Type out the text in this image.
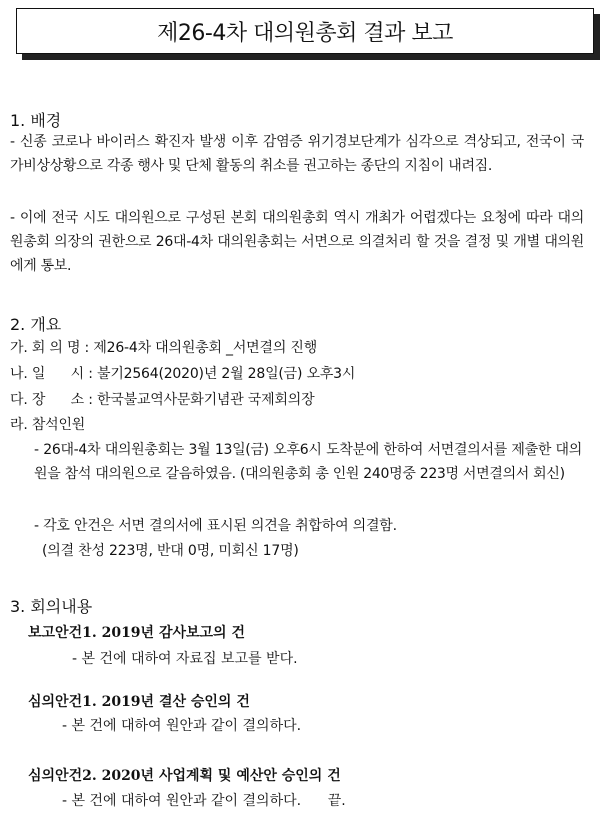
제26-4차 대의원총회 결과 보고
1. 배경
- 신종 코로나 바이러스 확진자 발생 이후 감염증 위기경보단계가 심각으로 격상되고, 전국이 국가비상상황으로 각종 행사 및 단체 활동의 취소를 권고하는 종단의 지침이 내려짐.
- 이에 전국 시도 대의원으로 구성된 본회 대의원총회 역시 개최가 어렵겠다는 요청에 따라 대의원총회 의장의 권한으로 26대-4차 대의원총회는 서면으로 의결처리 할 것을 결정 및 개별 대의원에게 통보.
2. 개요
가. 회 의 명 : 제26-4차 대의원총회 _서면결의 진행
나. 일      시 : 불기2564(2020)년 2월 28일(금) 오후3시
다. 장      소 : 한국불교역사문화기념관 국제회의장
라. 참석인원
- 26대-4차 대의원총회는 3월 13일(금) 오후6시 도착분에 한하여 서면결의서를 제출한 대의원을 참석 대의원으로 갈음하였음. (대의원총회 총 인원 240명중 223명 서면결의서 회신)
- 각호 안건은 서면 결의서에 표시된 의견을 취합하여 의결함.
(의결 찬성 223명, 반대 0명, 미회신 17명)
3. 회의내용
보고안건1. 2019년 감사보고의 건
- 본 건에 대하여 자료집 보고를 받다.
심의안건1. 2019년 결산 승인의 건
- 본 건에 대하여 원안과 같이 결의하다.
심의안건2. 2020년 사업계획 및 예산안 승인의 건
- 본 건에 대하여 원안과 같이 결의하다.      끝.
